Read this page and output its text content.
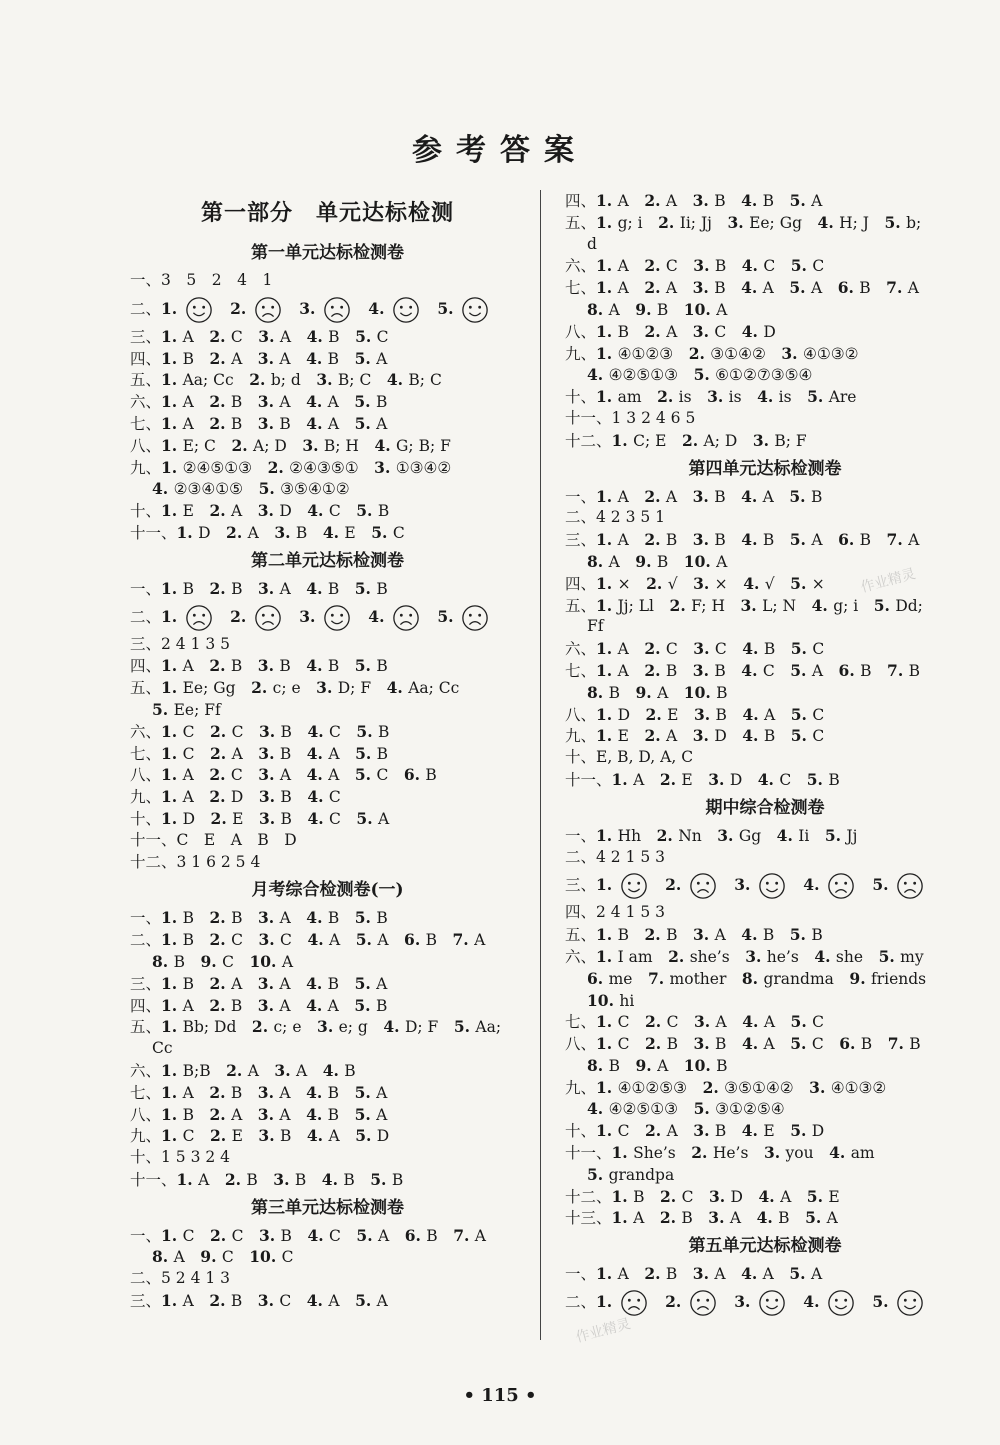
参考答案
第一部分　单元达标检测
第一单元达标检测卷
一、3　5　2　4　1
二、1. 　	2. 　	3. 　	4. 　	5.
三、1. A　 2. C　 3. A　 4. B　 5. C
四、1. B　 2. A　 3. A　 4. B　 5. A
五、1. Aa; Cc　 2. b; d　 3. B; C　 4. B; C
六、1. A　 2. B　 3. A　 4. A　 5. B
七、1. A　 2. B　 3. B　 4. A　 5. A
八、1. E; C　 2. A; D　 3. B; H　 4. G; B; F
九、1. ②④⑤①③　 2. ②④③⑤①　 3. ①③④②
4. ②③④①⑤　 5. ③⑤④①②
十、1. E　 2. A　 3. D　 4. C　 5. B
十一、1. D　 2. A　 3. B　 4. E　 5. C
第二单元达标检测卷
一、1. B　 2. B　 3. A　 4. B　 5. B
二、1. 　	2. 　	3. 　	4. 　	5.
三、2 4 1 3 5
四、1. A　 2. B　 3. B　 4. B　 5. B
五、1. Ee; Gg　 2. c; e　 3. D; F　 4. Aa; Cc
5. Ee; Ff
六、1. C　 2. C　 3. B　 4. C　 5. B
七、1. C　 2. A　 3. B　 4. A　 5. B
八、1. A　 2. C　 3. A　 4. A　 5. C　 6. B
九、1. A　 2. D　 3. B　 4. C
十、1. D　 2. E　 3. B　 4. C　 5. A
十一、C　E　A　B　D
十二、3 1 6 2 5 4
月考综合检测卷(一)
一、1. B　 2. B　 3. A　 4. B　 5. B
二、1. B　 2. C　 3. C　 4. A　 5. A　 6. B　 7. A
8. B　 9. C　 10. A
三、1. B　 2. A　 3. A　 4. B　 5. A
四、1. A　 2. B　 3. A　 4. A　 5. B
五、1. Bb; Dd　 2. c; e　 3. e; g　 4. D; F　 5. Aa;
Cc
六、1. B;B　 2. A　 3. A　 4. B
七、1. A　 2. B　 3. A　 4. B　 5. A
八、1. B　 2. A　 3. A　 4. B　 5. A
九、1. C　 2. E　 3. B　 4. A　 5. D
十、1 5 3 2 4
十一、1. A　 2. B　 3. B　 4. B　 5. B
第三单元达标检测卷
一、1. C　 2. C　 3. B　 4. C　 5. A　 6. B　 7. A
8. A　 9. C　 10. C
二、5 2 4 1 3
三、1. A　 2. B　 3. C　 4. A　 5. A
四、1. A　 2. A　 3. B　 4. B　 5. A
五、1. g; i　 2. Ii; Jj　 3. Ee; Gg　 4. H; J　 5. b;
d
六、1. A　 2. C　 3. B　 4. C　 5. C
七、1. A　 2. A　 3. B　 4. A　 5. A　 6. B　 7. A
8. A　 9. B　 10. A
八、1. B　 2. A　 3. C　 4. D
九、1. ④①②③　 2. ③①④②　 3. ④①③②
4. ④②⑤①③　 5. ⑥①②⑦③⑤④
十、1. am　 2. is　 3. is　 4. is　 5. Are
十一、1 3 2 4 6 5
十二、1. C; E　 2. A; D　 3. B; F
第四单元达标检测卷
一、1. A　 2. A　 3. B　 4. A　 5. B
二、4 2 3 5 1
三、1. A　 2. B　 3. B　 4. B　 5. A　 6. B　 7. A
8. A　 9. B　 10. A
四、1. ×　 2. √　 3. ×　 4. √　 5. ×
五、1. Jj; Ll　 2. F; H　 3. L; N　 4. g; i　 5. Dd;
Ff
六、1. A　 2. C　 3. C　 4. B　 5. C
七、1. A　 2. B　 3. B　 4. C　 5. A　 6. B　 7. B
8. B　 9. A　 10. B
八、1. D　 2. E　 3. B　 4. A　 5. C
九、1. E　 2. A　 3. D　 4. B　 5. C
十、E, B, D, A, C
十一、1. A　 2. E　 3. D　 4. C　 5. B
期中综合检测卷
一、1. Hh　 2. Nn　 3. Gg　 4. Ii　 5. Jj
二、4 2 1 5 3
三、1. 　	2. 　	3. 　	4. 　	5.
四、2 4 1 5 3
五、1. B　 2. B　 3. A　 4. B　 5. B
六、1. I am　 2. she’s　 3. he’s　 4. she　 5. my
6. me　 7. mother　 8. grandma　 9. friends
10. hi
七、1. C　 2. C　 3. A　 4. A　 5. C
八、1. C　 2. B　 3. B　 4. A　 5. C　 6. B　 7. B
8. B　 9. A　 10. B
九、1. ④①②⑤③　 2. ③⑤①④②　 3. ④①③②
4. ④②⑤①③　 5. ③①②⑤④
十、1. C　 2. A　 3. B　 4. E　 5. D
十一、1. She’s　 2. He’s　 3. you　 4. am
5. grandpa
十二、1. B　 2. C　 3. D　 4. A　 5. E
十三、1. A　 2. B　 3. A　 4. B　 5. A
第五单元达标检测卷
一、1. A　 2. B　 3. A　 4. A　 5. A
二、1. 　	2. 　	3. 　	4. 　	5.
• 115 •
作业精灵
作业精灵
